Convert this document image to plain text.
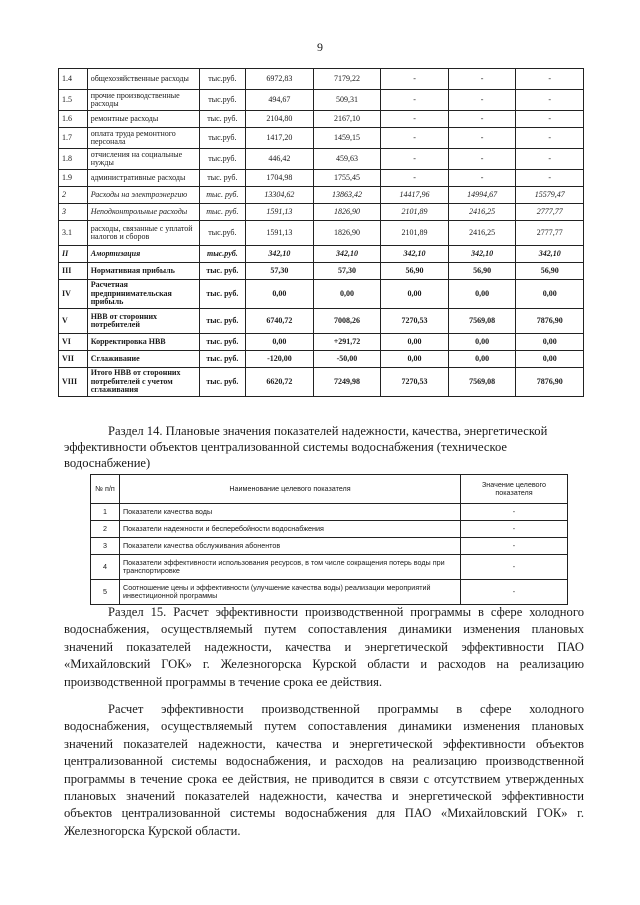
9
1.4	общехозяйственные расходы	тыс.руб.	6972,83	7179,22	-	-	-
1.5	прочие производственные расходы	тыс.руб.	494,67	509,31	-	-	-
1.6	ремонтные расходы	тыс. руб.	2104,80	2167,10	-	-	-
1.7	оплата труда ремонтного персонала	тыс.руб.	1417,20	1459,15	-	-	-
1.8	отчисления на социальные нужды	тыс.руб.	446,42	459,63	-	-	-
1.9	административные расходы	тыс. руб.	1704,98	1755,45	-	-	-
2	Расходы на электроэнергию	тыс. руб.	13304,62	13863,42	14417,96	14994,67	15579,47
3	Неподконтрольные расходы	тыс. руб.	1591,13	1826,90	2101,89	2416,25	2777,77
3.1	расходы, связанные с уплатой налогов и сборов	тыс.руб.	1591,13	1826,90	2101,89	2416,25	2777,77
II	Амортизация	тыс.руб.	342,10	342,10	342,10	342,10	342,10
III	Нормативная прибыль	тыс. руб.	57,30	57,30	56,90	56,90	56,90
IV	Расчетная предпринимательская прибыль	тыс. руб.	0,00	0,00	0,00	0,00	0,00
V	НВВ от сторонних потребителей	тыс. руб.	6740,72	7008,26	7270,53	7569,08	7876,90
VI	Корректировка НВВ	тыс. руб.	0,00	+291,72	0,00	0,00	0,00
VII	Сглаживание	тыс. руб.	-120,00	-50,00	0,00	0,00	0,00
VIII	Итого НВВ от сторонних потребителей с учетом сглаживания	тыс. руб.	6620,72	7249,98	7270,53	7569,08	7876,90
Раздел 14. Плановые значения показателей надежности, качества, энергетической
эффективности объектов централизованной системы водоснабжения (техническое
водоснабжение)
№ п/п	Наименование целевого показателя	Значение целевого показателя
1	Показатели качества воды	-
2	Показатели надежности и бесперебойности водоснабжения	-
3	Показатели качества обслуживания абонентов	-
4	Показатели эффективности использования ресурсов, в том числе сокращения потерь воды при транспортировке	-
5	Соотношение цены и эффективности (улучшение качества воды) реализации мероприятий инвестиционной программы	-

Раздел 15. Расчет эффективности производственной программы в сфере холодного водоснабжения, осуществляемый путем сопоставления динамики изменения плановых значений показателей надежности, качества и энергетической эффективности ПАО «Михайловский ГОК» г. Железногорска Курской области и расходов на реализацию производственной программы в течение срока ее действия.

Расчет эффективности производственной программы в сфере холодного водоснабжения, осуществляемый путем сопоставления динамики изменения плановых значений показателей надежности, качества и энергетической эффективности объектов централизованной системы водоснабжения, и расходов на реализацию производственной программы в течение срока ее действия, не приводится в связи с отсутствием утвержденных плановых значений показателей надежности, качества и энергетической эффективности объектов централизованной системы водоснабжения для ПАО «Михайловский ГОК» г. Железногорска Курской области.
